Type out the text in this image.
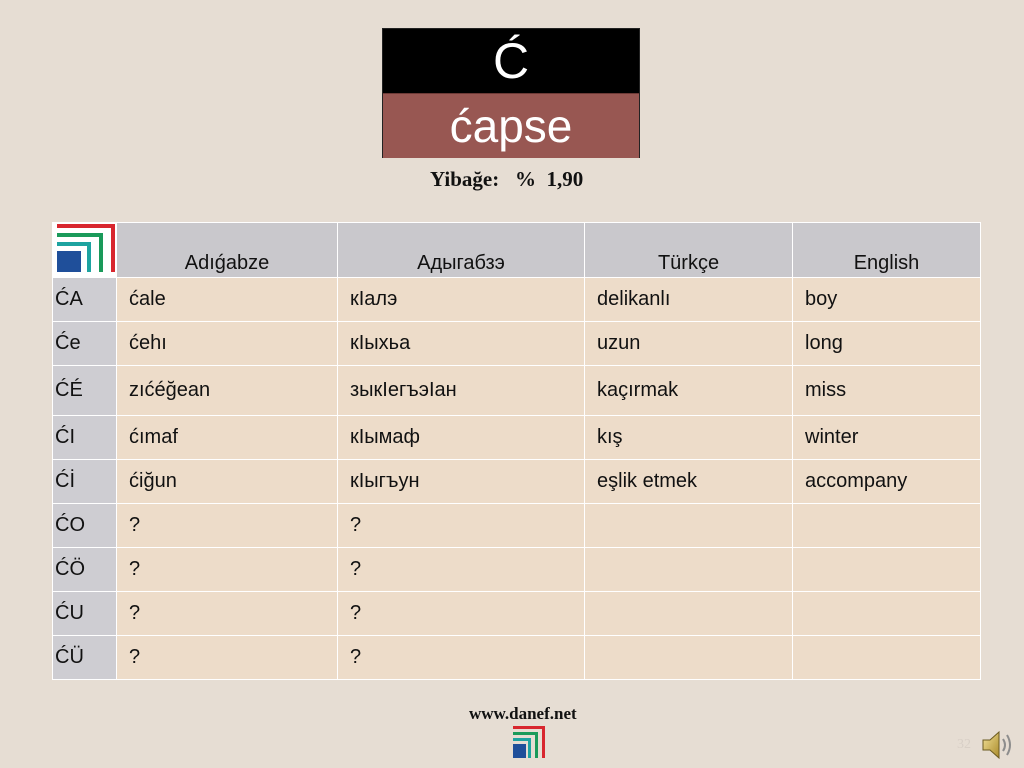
Ć
ćapse
Yibağe: % 1,90
	Adıǵabze	Адыгабзэ	Türkçe	English
ĆA	ćale	кIалэ	delikanlı	boy
Će	ćehı	кIыхьа	uzun	long
ĆÉ	zıćéğean	зыкIегъэIан	kaçırmak	miss
ĆI	ćımaf	кIымаф	kış	winter
Ćİ	ćiğun	кIыгъун	eşlik etmek	accompany
ĆO	?	?		
ĆÖ	?	?		
ĆU	?	?		
ĆÜ	?	?		
www.danef.net
32
